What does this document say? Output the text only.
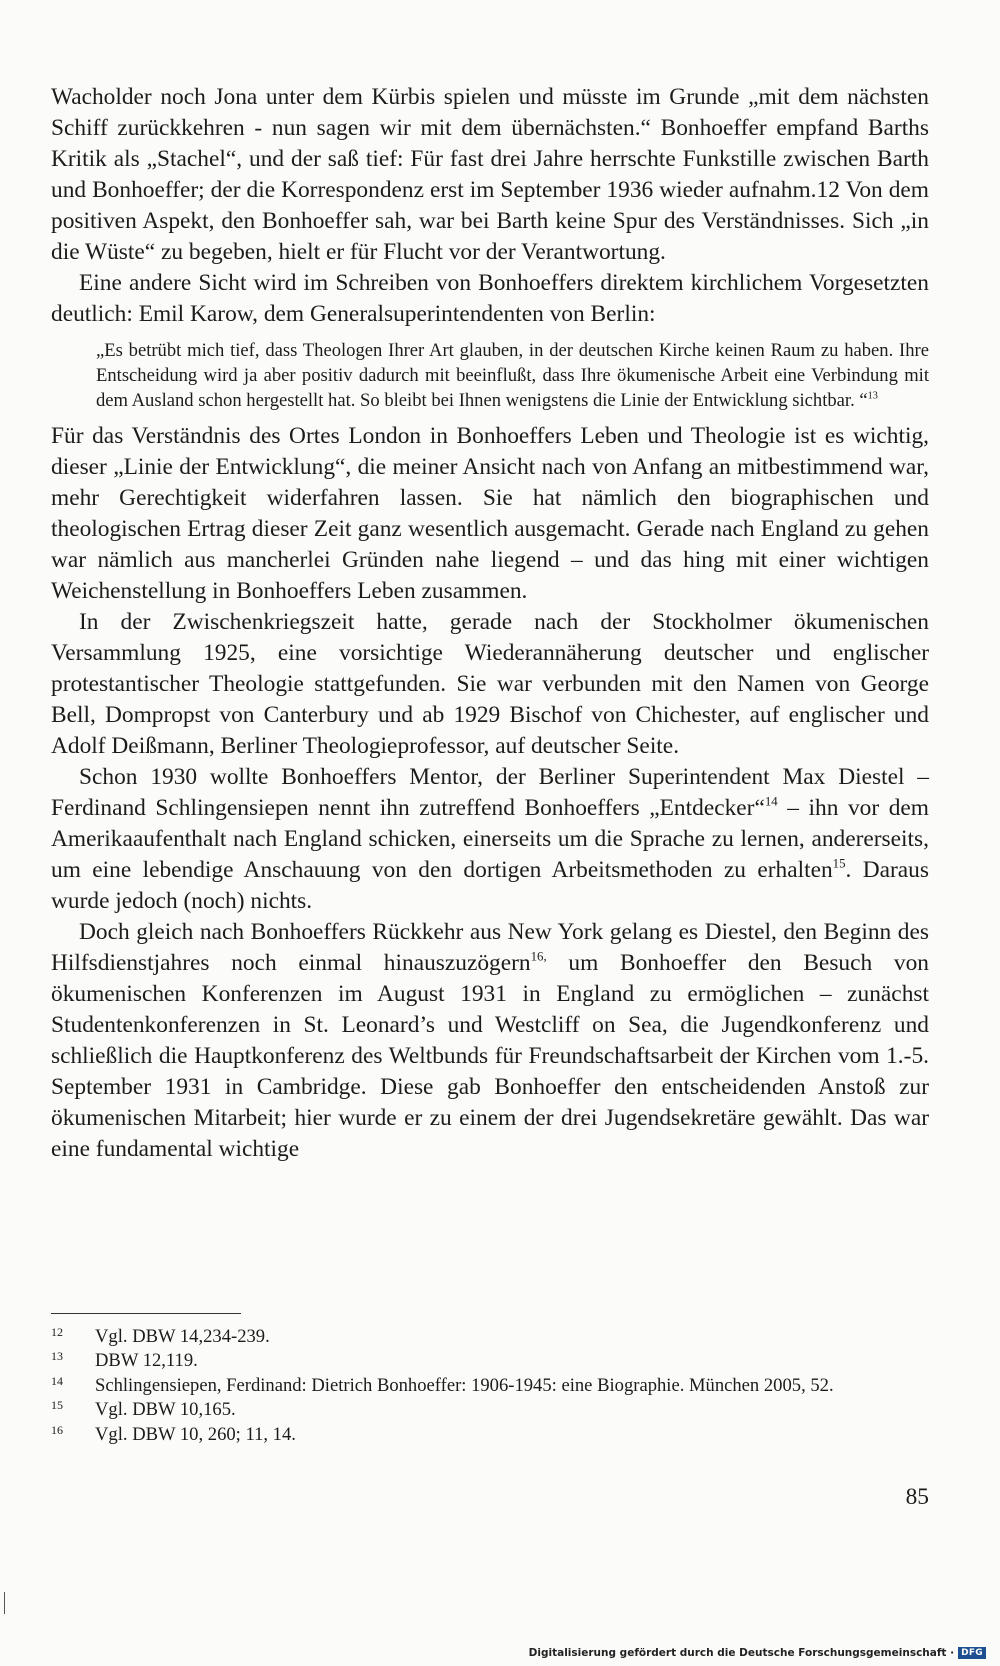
Wacholder noch Jona unter dem Kürbis spielen und müsste im Grunde „mit dem nächsten Schiff zurückkehren - nun sagen wir mit dem übernächsten.“ Bonhoeffer empfand Barths Kritik als „Stachel“, und der saß tief: Für fast drei Jahre herrschte Funkstille zwischen Barth und Bonhoeffer; der die Korrespondenz erst im September 1936 wieder aufnahm.12 Von dem positiven Aspekt, den Bonhoeffer sah, war bei Barth keine Spur des Verständnisses. Sich „in die Wüste“ zu begeben, hielt er für Flucht vor der Verantwortung.

Eine andere Sicht wird im Schreiben von Bonhoeffers direktem kirchlichem Vorgesetzten deutlich: Emil Karow, dem Generalsuperintendenten von Berlin:

„Es betrübt mich tief, dass Theologen Ihrer Art glauben, in der deutschen Kirche keinen Raum zu haben. Ihre Entscheidung wird ja aber positiv dadurch mit beeinflußt, dass Ihre ökumenische Arbeit eine Verbindung mit dem Ausland schon hergestellt hat. So bleibt bei Ihnen wenigstens die Linie der Entwicklung sichtbar. “$^{13}$

Für das Verständnis des Ortes London in Bonhoeffers Leben und Theologie ist es wichtig, dieser „Linie der Entwicklung“, die meiner Ansicht nach von Anfang an mitbestimmend war, mehr Gerechtigkeit widerfahren lassen. Sie hat nämlich den biographischen und theologischen Ertrag dieser Zeit ganz wesentlich ausgemacht. Gerade nach England zu gehen war nämlich aus mancherlei Gründen nahe liegend – und das hing mit einer wichtigen Weichenstellung in Bonhoeffers Leben zusammen.

In der Zwischenkriegszeit hatte, gerade nach der Stockholmer ökumenischen Versammlung 1925, eine vorsichtige Wiederannäherung deutscher und englischer protestantischer Theologie stattgefunden. Sie war verbunden mit den Namen von George Bell, Dompropst von Canterbury und ab 1929 Bischof von Chichester, auf englischer und Adolf Deißmann, Berliner Theologieprofessor, auf deutscher Seite.

Schon 1930 wollte Bonhoeffers Mentor, der Berliner Superintendent Max Diestel – Ferdinand Schlingensiepen nennt ihn zutreffend Bonhoeffers „Entdecker“$^{14}$ – ihn vor dem Amerikaaufenthalt nach England schicken, einerseits um die Sprache zu lernen, andererseits, um eine lebendige Anschauung von den dortigen Arbeitsmethoden zu erhalten$^{15}$. Daraus wurde jedoch (noch) nichts.

Doch gleich nach Bonhoeffers Rückkehr aus New York gelang es Diestel, den Beginn des Hilfsdienstjahres noch einmal hinauszuzögern$^{16,}$ um Bonhoeffer den Besuch von ökumenischen Konferenzen im August 1931 in England zu ermöglichen – zunächst Studentenkonferenzen in St. Leonard’s und Westcliff on Sea, die Jugendkonferenz und schließlich die Hauptkonferenz des Weltbunds für Freundschaftsarbeit der Kirchen vom 1.-5. September 1931 in Cambridge. Diese gab Bonhoeffer den entscheidenden Anstoß zur ökumenischen Mitarbeit; hier wurde er zu einem der drei Jugendsekretäre gewählt. Das war eine fundamental wichtige

12 Vgl. DBW 14,234-239.
13 DBW 12,119.
14 Schlingensiepen, Ferdinand: Dietrich Bonhoeffer: 1906-1945: eine Biographie. München 2005, 52.
15 Vgl. DBW 10,165.
16 Vgl. DBW 10, 260; 11, 14.
85
Digitalisierung gefördert durch die Deutsche Forschungsgemeinschaft · DFG
